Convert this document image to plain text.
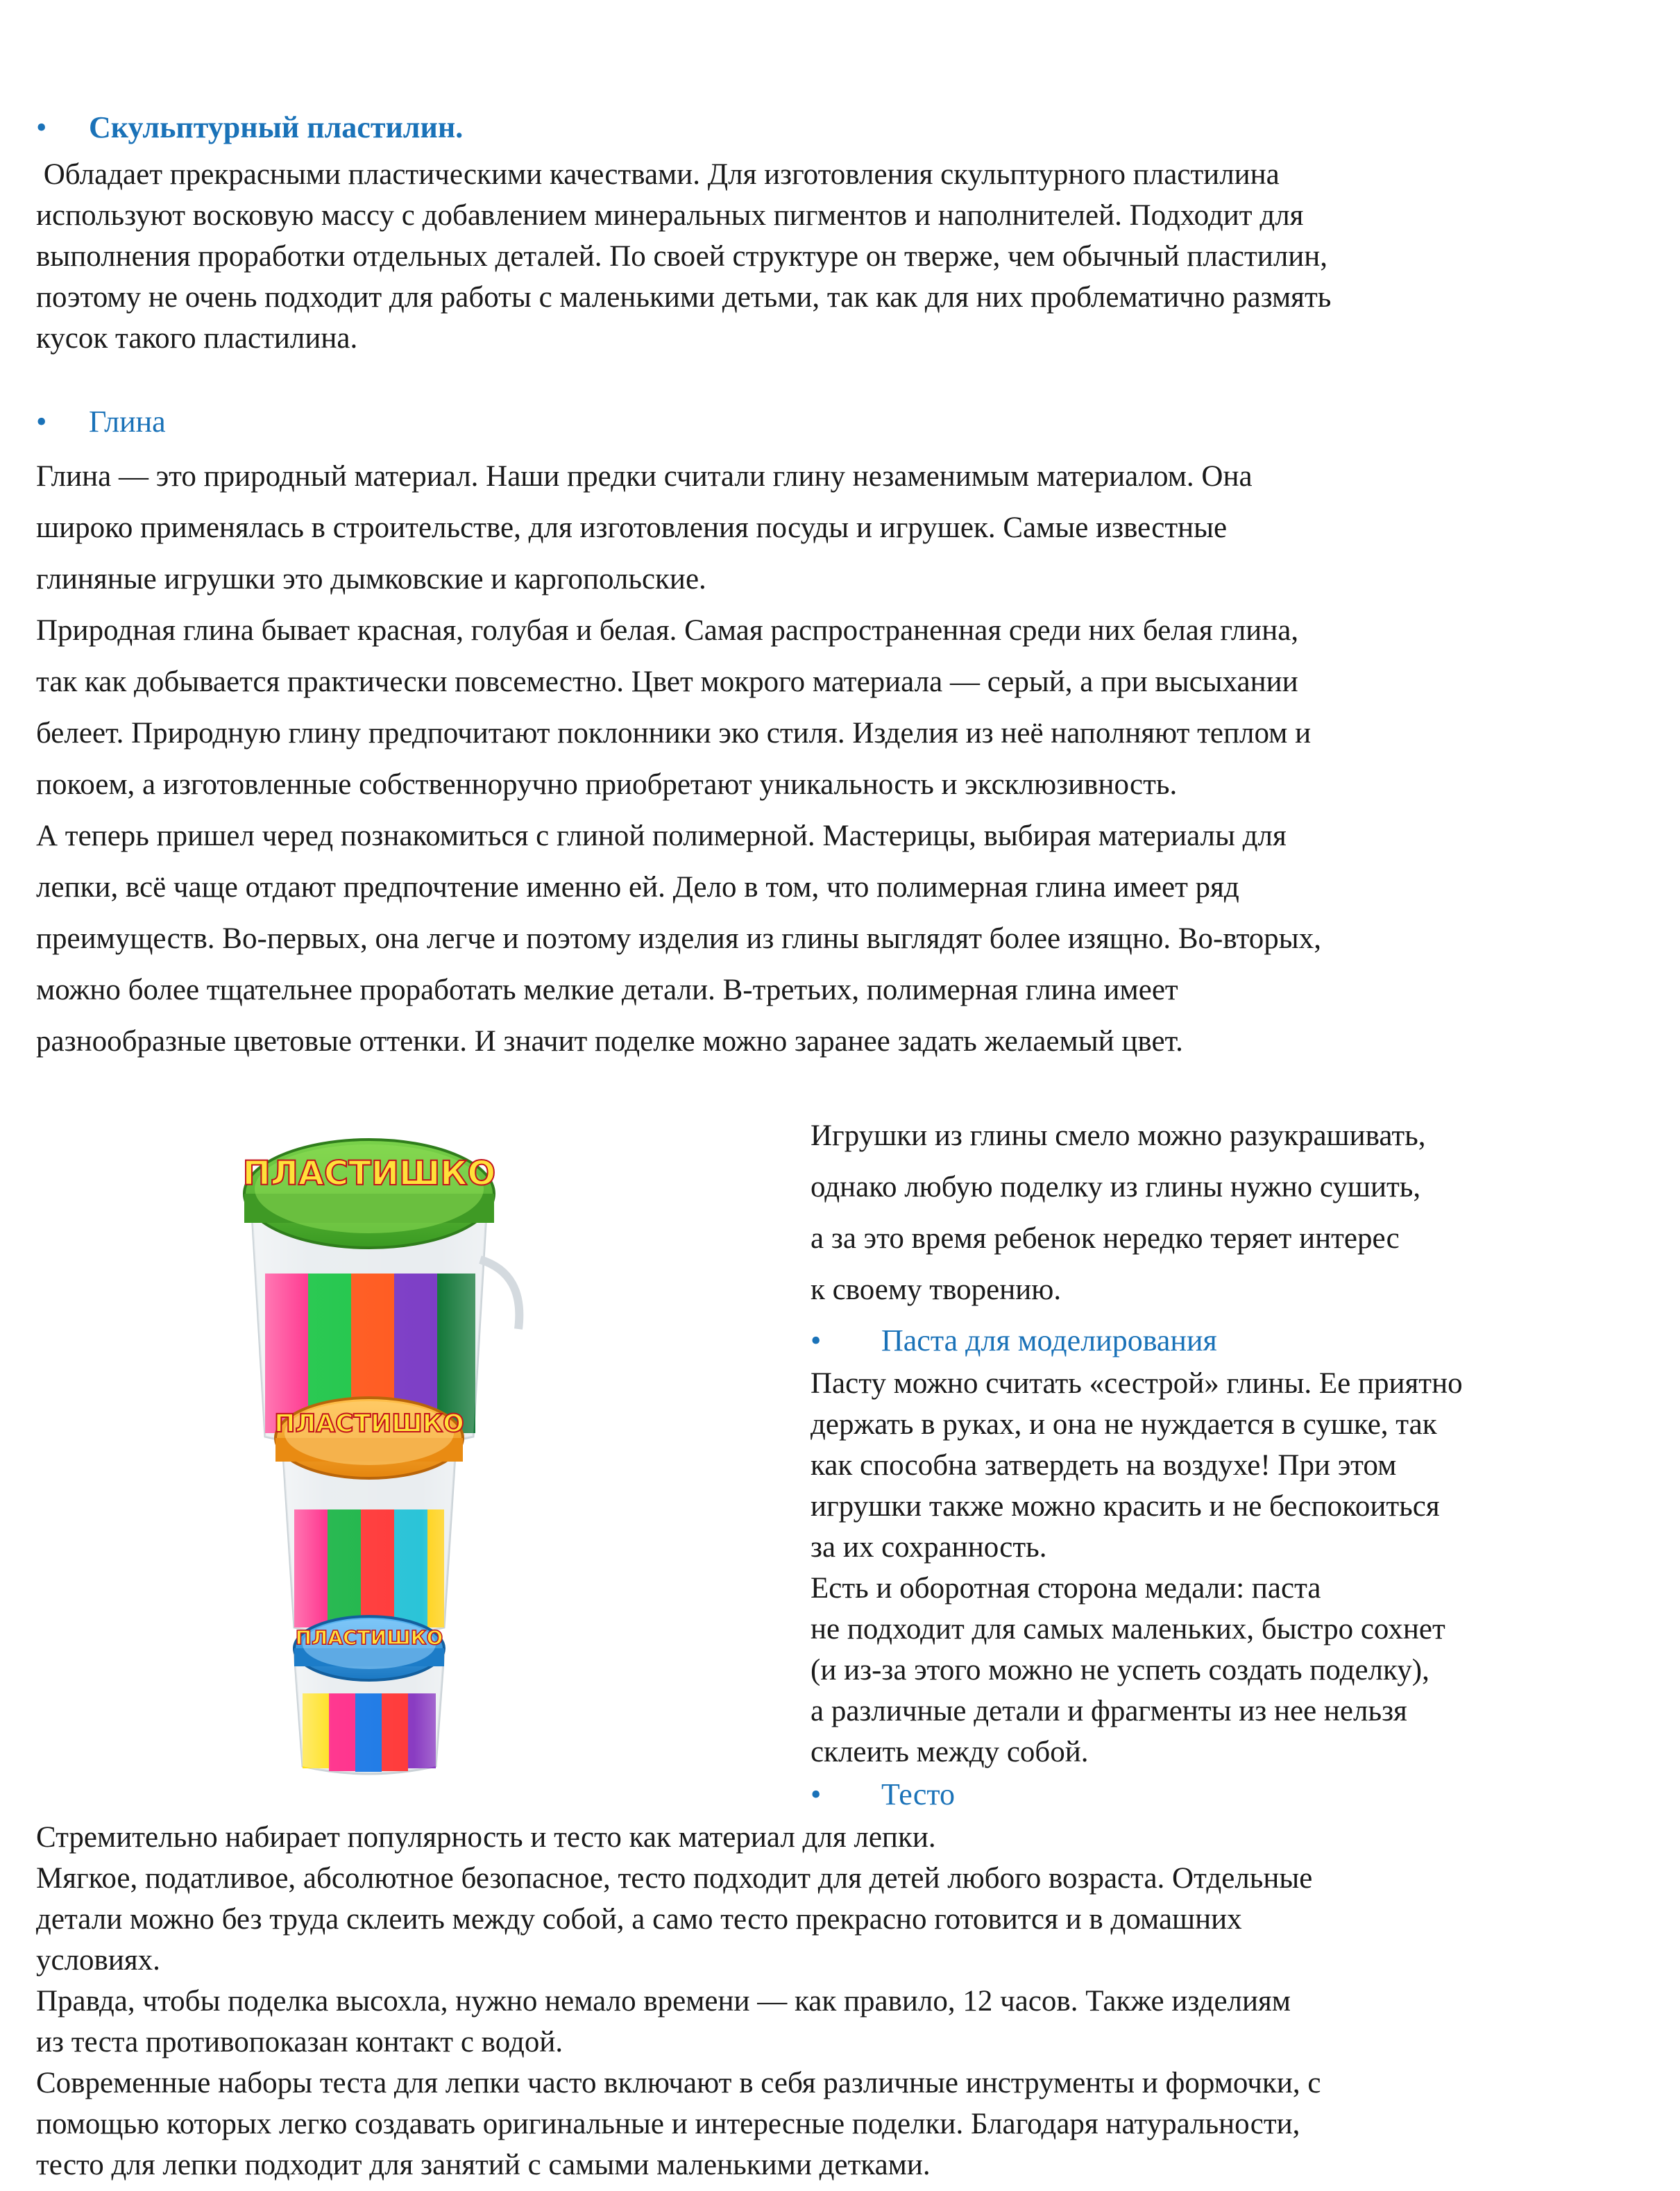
•	Скульптурный пластилин.
Обладает прекрасными пластическими качествами. Для изготовления скульптурного пластилина
используют восковую массу с добавлением минеральных пигментов и наполнителей. Подходит для
выполнения проработки отдельных деталей. По своей структуре он тверже, чем обычный пластилин,
поэтому не очень подходит для работы с маленькими детьми, так как для них проблематично размять
кусок такого пластилина.
•	Глина
Глина — это природный материал. Наши предки считали глину незаменимым материалом. Она
широко применялась в строительстве, для изготовления посуды и игрушек. Самые известные
глиняные игрушки это дымковские и каргопольские.
Природная глина бывает красная, голубая и белая. Самая распространенная среди них белая глина,
так как добывается практически повсеместно. Цвет мокрого материала — серый, а при высыхании
белеет. Природную глину предпочитают поклонники эко стиля. Изделия из неё наполняют теплом и
покоем, а изготовленные собственноручно приобретают уникальность и эксклюзивность.
А теперь пришел черед познакомиться с глиной полимерной. Мастерицы, выбирая материалы для
лепки, всё чаще отдают предпочтение именно ей. Дело в том, что полимерная глина имеет ряд
преимуществ. Во-первых, она легче и поэтому изделия из глины выглядят более изящно. Во-вторых,
можно более тщательнее проработать мелкие детали. В-третьих, полимерная глина имеет
разнообразные цветовые оттенки. И значит поделке можно заранее задать желаемый цвет.
ПЛАСТИШКО
ПЛАСТИШКО
ПЛАСТИШКО
Игрушки из глины смело можно разукрашивать,
однако любую поделку из глины нужно сушить,
а за это время ребенок нередко теряет интерес
к своему творению.
•	Паста для моделирования
Пасту можно считать «сестрой» глины. Ее приятно
держать в руках, и она не нуждается в сушке, так
как способна затвердеть на воздухе! При этом
игрушки также можно красить и не беспокоиться
за их сохранность.
Есть и оборотная сторона медали: паста
не подходит для самых маленьких, быстро сохнет
(и из-за этого можно не успеть создать поделку),
а различные детали и фрагменты из нее нельзя
склеить между собой.
•	Тесто
Стремительно набирает популярность и тесто как материал для лепки.
Мягкое, податливое, абсолютное безопасное, тесто подходит для детей любого возраста. Отдельные
детали можно без труда склеить между собой, а само тесто прекрасно готовится и в домашних
условиях.
Правда, чтобы поделка высохла, нужно немало времени — как правило, 12 часов. Также изделиям
из теста противопоказан контакт с водой.
Современные наборы теста для лепки часто включают в себя различные инструменты и формочки, с
помощью которых легко создавать оригинальные и интересные поделки. Благодаря натуральности,
тесто для лепки подходит для занятий с самыми маленькими детками.
